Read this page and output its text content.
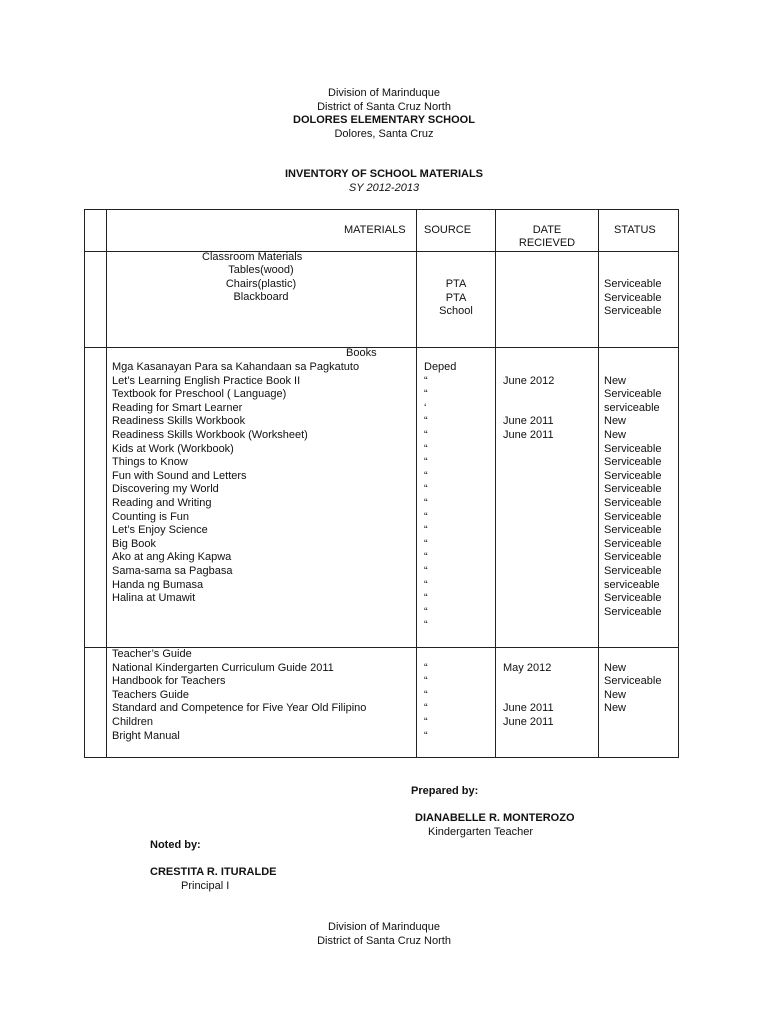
Division of Marinduque
District of Santa Cruz North
DOLORES ELEMENTARY SCHOOL
Dolores, Santa Cruz
INVENTORY OF SCHOOL MATERIALS
SY 2012-2013
MATERIALS SOURCE	DATE
RECIEVED
STATUS
Classroom Materials
Tables(wood)
Chairs(plastic)
Blackboard
PTA
PTA
School
Serviceable
Serviceable
Serviceable
Books
Mga Kasanayan Para sa Kahandaan sa Pagkatuto
Let’s Learning English Practice Book II
Textbook for Preschool ( Language)
Reading for Smart Learner
Readiness Skills Workbook
Readiness Skills Workbook (Worksheet)
Kids at Work (Workbook)
Things to Know
Fun with Sound and Letters
Discovering my World
Reading and Writing
Counting is Fun
Let’s Enjoy Science
Big Book
Ako at ang Aking Kapwa
Sama-sama sa Pagbasa
Handa ng Bumasa
Halina at Umawit
Deped
“
“
‘
“
“
“
“
“
“
“
“
“
“
“
“
“
“
“
“
June 2012
June 2011
June 2011
New
Serviceable
serviceable
New
New
Serviceable
Serviceable
Serviceable
Serviceable
Serviceable
Serviceable
Serviceable
Serviceable
Serviceable
Serviceable
serviceable
Serviceable
Serviceable
Teacher’s Guide
National Kindergarten Curriculum Guide 2011
Handbook for Teachers
Teachers Guide
Standard and Competence for Five Year Old Filipino
Children
Bright Manual
“
“
“
“
“
“
May 2012
June 2011
June 2011
New
Serviceable
New
New
Prepared by:
DIANABELLE R. MONTEROZO
Kindergarten Teacher
Noted by:
CRESTITA R. ITURALDE
Principal I
Division of Marinduque
District of Santa Cruz North
